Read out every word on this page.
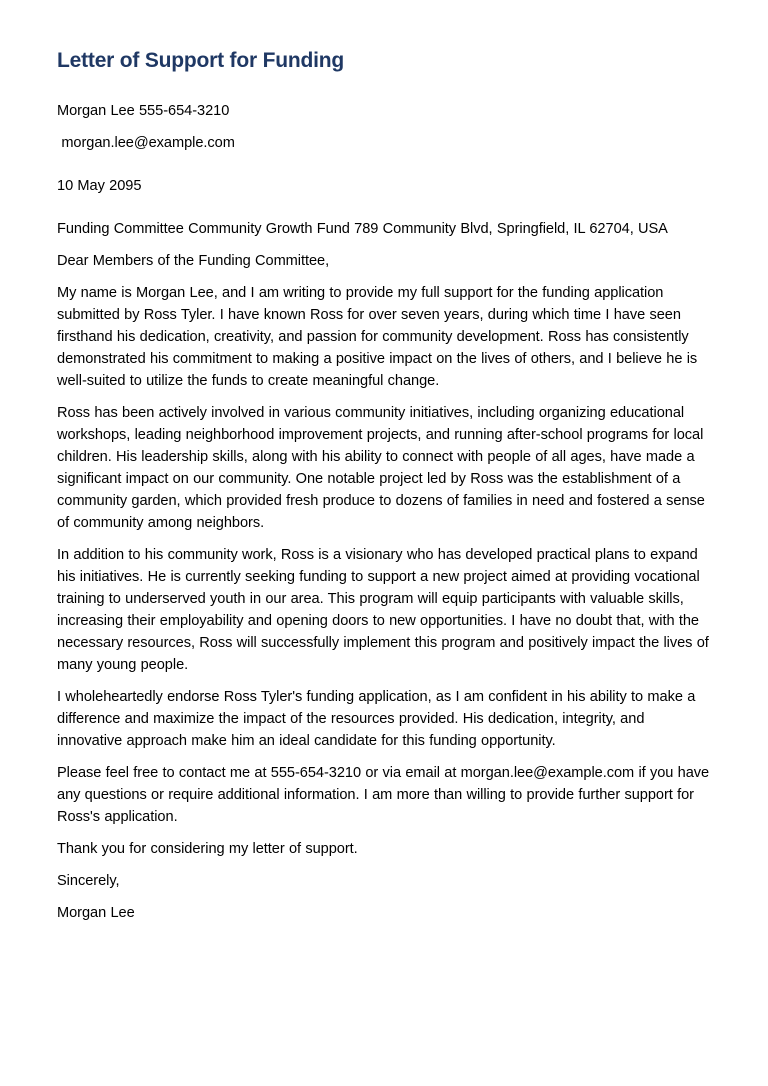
Letter of Support for Funding

Morgan Lee 555-654-3210

morgan.lee@example.com

10 May 2095

Funding Committee Community Growth Fund 789 Community Blvd, Springfield, IL 62704, USA

Dear Members of the Funding Committee,

My name is Morgan Lee, and I am writing to provide my full support for the funding application submitted by Ross Tyler. I have known Ross for over seven years, during which time I have seen firsthand his dedication, creativity, and passion for community development. Ross has consistently demonstrated his commitment to making a positive impact on the lives of others, and I believe he is well-suited to utilize the funds to create meaningful change.

Ross has been actively involved in various community initiatives, including organizing educational workshops, leading neighborhood improvement projects, and running after-school programs for local children. His leadership skills, along with his ability to connect with people of all ages, have made a significant impact on our community. One notable project led by Ross was the establishment of a community garden, which provided fresh produce to dozens of families in need and fostered a sense of community among neighbors.

In addition to his community work, Ross is a visionary who has developed practical plans to expand his initiatives. He is currently seeking funding to support a new project aimed at providing vocational training to underserved youth in our area. This program will equip participants with valuable skills, increasing their employability and opening doors to new opportunities. I have no doubt that, with the necessary resources, Ross will successfully implement this program and positively impact the lives of many young people.

I wholeheartedly endorse Ross Tyler's funding application, as I am confident in his ability to make a difference and maximize the impact of the resources provided. His dedication, integrity, and innovative approach make him an ideal candidate for this funding opportunity.

Please feel free to contact me at 555-654-3210 or via email at morgan.lee@example.com if you have any questions or require additional information. I am more than willing to provide further support for Ross's application.

Thank you for considering my letter of support.

Sincerely,

Morgan Lee
